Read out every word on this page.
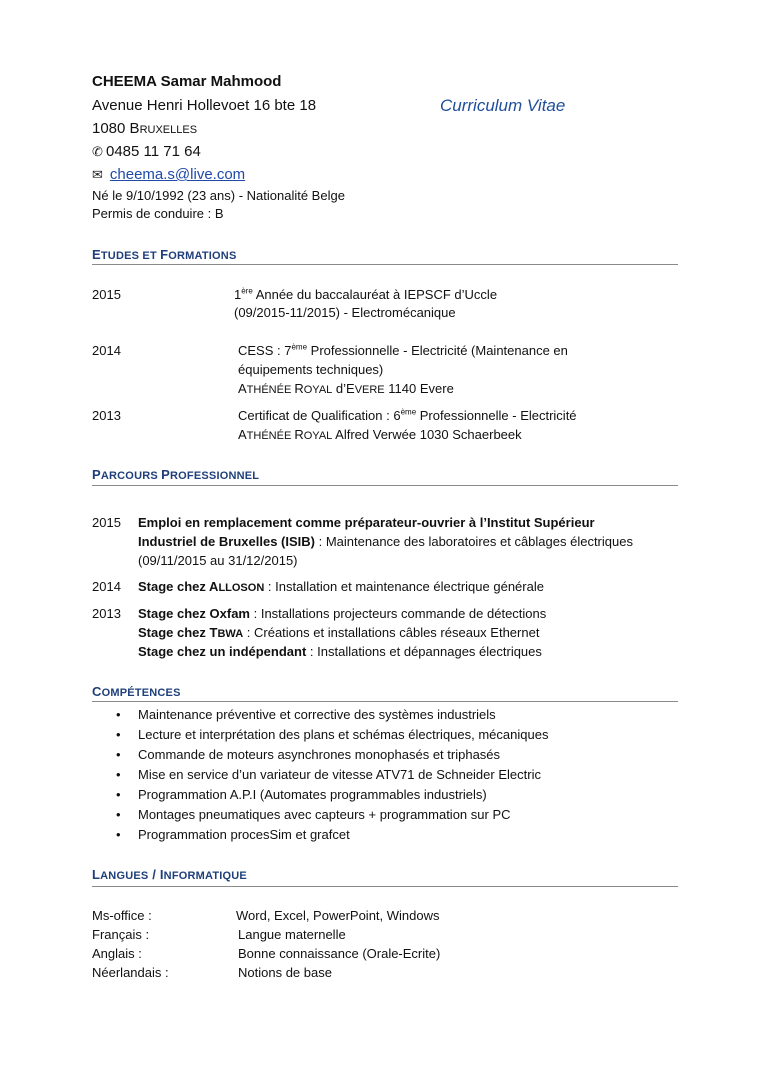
CHEEMA Samar Mahmood
Avenue Henri Hollevoet 16 bte 18	Curriculum Vitae
1080 BRUXELLES
✆ 0485 11 71 64
✉ cheema.s@live.com
Né le 9/10/1992 (23 ans) - Nationalité Belge
Permis de conduire : B
ETUDES ET FORMATIONS
2015	1ère Année du baccalauréat à IEPSCF d’Uccle
(09/2015-11/2015) - Electromécanique
2014	CESS : 7ème Professionnelle - Electricité (Maintenance en
équipements techniques)
ATHÉNÉE ROYAL d’EVERE 1140 Evere
2013	Certificat de Qualification : 6ème Professionnelle - Electricité
ATHÉNÉE ROYAL Alfred Verwée 1030 Schaerbeek
PARCOURS PROFESSIONNEL
2015 Emploi en remplacement comme préparateur-ouvrier à l’Institut Supérieur
Industriel de Bruxelles (ISIB) : Maintenance des laboratoires et câblages électriques
(09/11/2015 au 31/12/2015)
2014 Stage chez ALLOSON : Installation et maintenance électrique générale
2013 Stage chez Oxfam : Installations projecteurs commande de détections
Stage chez TBWA : Créations et installations câbles réseaux Ethernet
Stage chez un indépendant : Installations et dépannages électriques
COMPÉTENCES
• Maintenance préventive et corrective des systèmes industriels
• Lecture et interprétation des plans et schémas électriques, mécaniques
• Commande de moteurs asynchrones monophasés et triphasés
• Mise en service d’un variateur de vitesse ATV71 de Schneider Electric
• Programmation A.P.I (Automates programmables industriels)
• Montages pneumatiques avec capteurs + programmation sur PC
• Programmation procesSim et grafcet
LANGUES / INFORMATIQUE
Ms-office :	Word, Excel, PowerPoint, Windows
Français :	Langue maternelle
Anglais :	Bonne connaissance (Orale-Ecrite)
Néerlandais :	Notions de base
